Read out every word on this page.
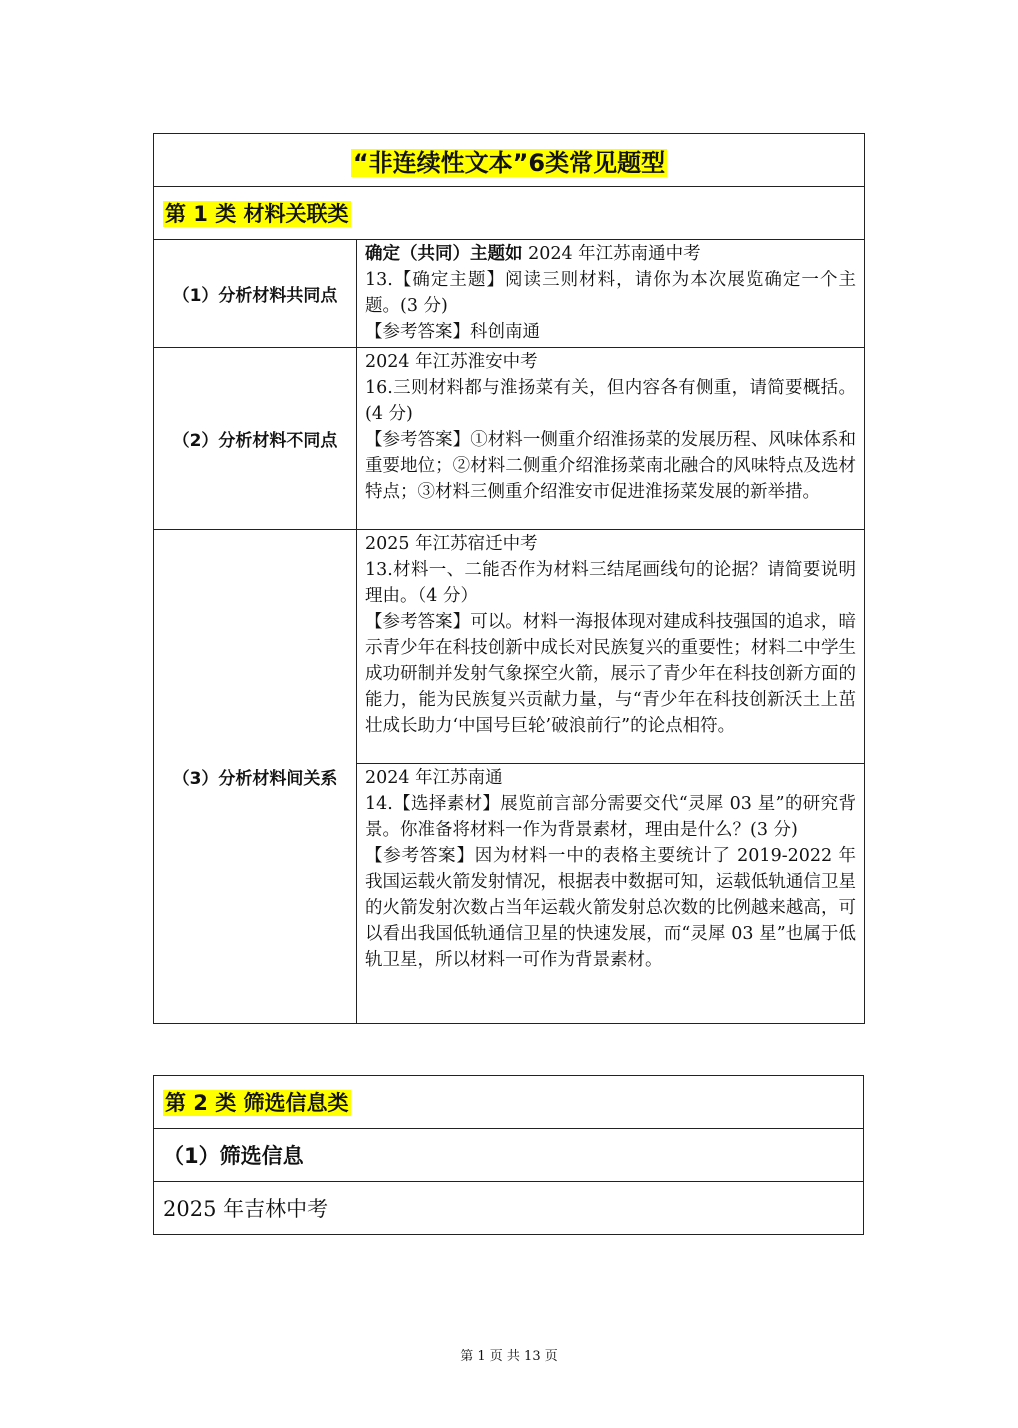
“非连续性文本”6类常见题型	
第 1 类 材料关联类	
（1）分析材料共同点	确定（共同）主题如 2024 年江苏南通中考
13.【确定主题】阅读三则材料，请你为本次展览确定一个主题。(3 分)
【参考答案】科创南通

（2）分析材料不同点	2024 年江苏淮安中考
16.三则材料都与淮扬菜有关，但内容各有侧重，请简要概括。(4 分)
【参考答案】①材料一侧重介绍淮扬菜的发展历程、风味体系和重要地位；②材料二侧重介绍淮扬菜南北融合的风味特点及选材特点；③材料三侧重介绍淮安市促进淮扬菜发展的新举措。

（3）分析材料间关系	2025 年江苏宿迁中考
13.材料一、二能否作为材料三结尾画线句的论据？请简要说明理由。（4 分）
【参考答案】可以。材料一海报体现对建成科技强国的追求，暗示青少年在科技创新中成长对民族复兴的重要性；材料二中学生成功研制并发射气象探空火箭，展示了青少年在科技创新方面的能力，能为民族复兴贡献力量，与“青少年在科技创新沃土上茁壮成长助力‘中国号巨轮’破浪前行”的论点相符。

	2024 年江苏南通
14.【选择素材】展览前言部分需要交代“灵犀 03 星”的研究背景。你准备将材料一作为背景素材，理由是什么？(3 分)
【参考答案】因为材料一中的表格主要统计了 2019-2022 年我国运载火箭发射情况，根据表中数据可知，运载低轨通信卫星的火箭发射次数占当年运载火箭发射总次数的比例越来越高，可以看出我国低轨通信卫星的快速发展，而“灵犀 03 星”也属于低轨卫星，所以材料一可作为背景素材。
第 2 类 筛选信息类
（1）筛选信息
2025 年吉林中考
第 1 页 共 13 页
